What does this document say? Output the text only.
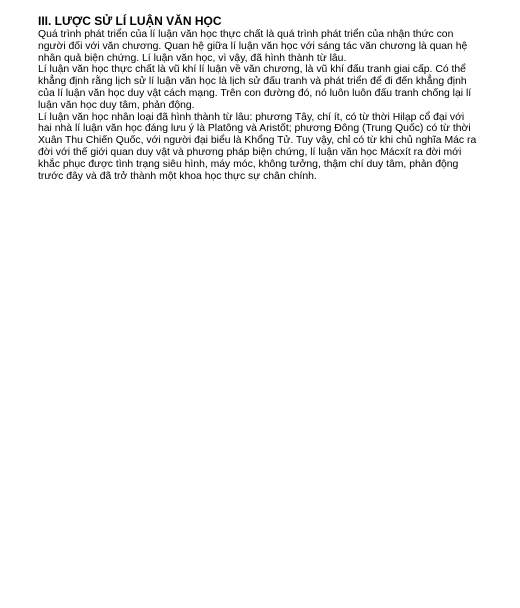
III. LƯỢC SỬ LÍ LUẬN VĂN HỌC

Quá trình phát triển của lí luận văn học thực chất là quá trình phát triển của nhận thức con người đối với văn chương. Quan hệ giữa lí luận văn học với sáng tác văn chương là quan hệ nhân quả biện chứng. Lí luận văn học, vì vậy, đã hình thành từ lâu.

Lí luận văn học thực chất là vũ khí lí luận về văn chương, là vũ khí đấu tranh giai cấp. Có thể khẳng định rằng lịch sử lí luận văn học là lịch sử đấu tranh và phát triển để đi đến khẳng định của lí luận văn học duy vật cách mạng. Trên con đường đó, nó luôn luôn đấu tranh chống lại lí luận văn học duy tâm, phản động.

Lí luận văn học nhân loại đã hình thành từ lâu: phương Tây, chí ít, có từ thời Hilạp cổ đại với hai nhà lí luận văn học đáng lưu ý là Platông và Aristốt; phương Đông (Trung Quốc) có từ thời Xuân Thu Chiến Quốc, với người đại biểu là Khổng Tử. Tuy vậy, chỉ có từ khi chủ nghĩa Mác ra đời với thế giới quan duy vật và phương pháp biện chứng, lí luận văn học Mácxít ra đời mới khắc phục được tình trạng siêu hình, máy móc, không tưởng, thậm chí duy tâm, phản động trước đây và đã trở thành một khoa học thực sự chân chính.
